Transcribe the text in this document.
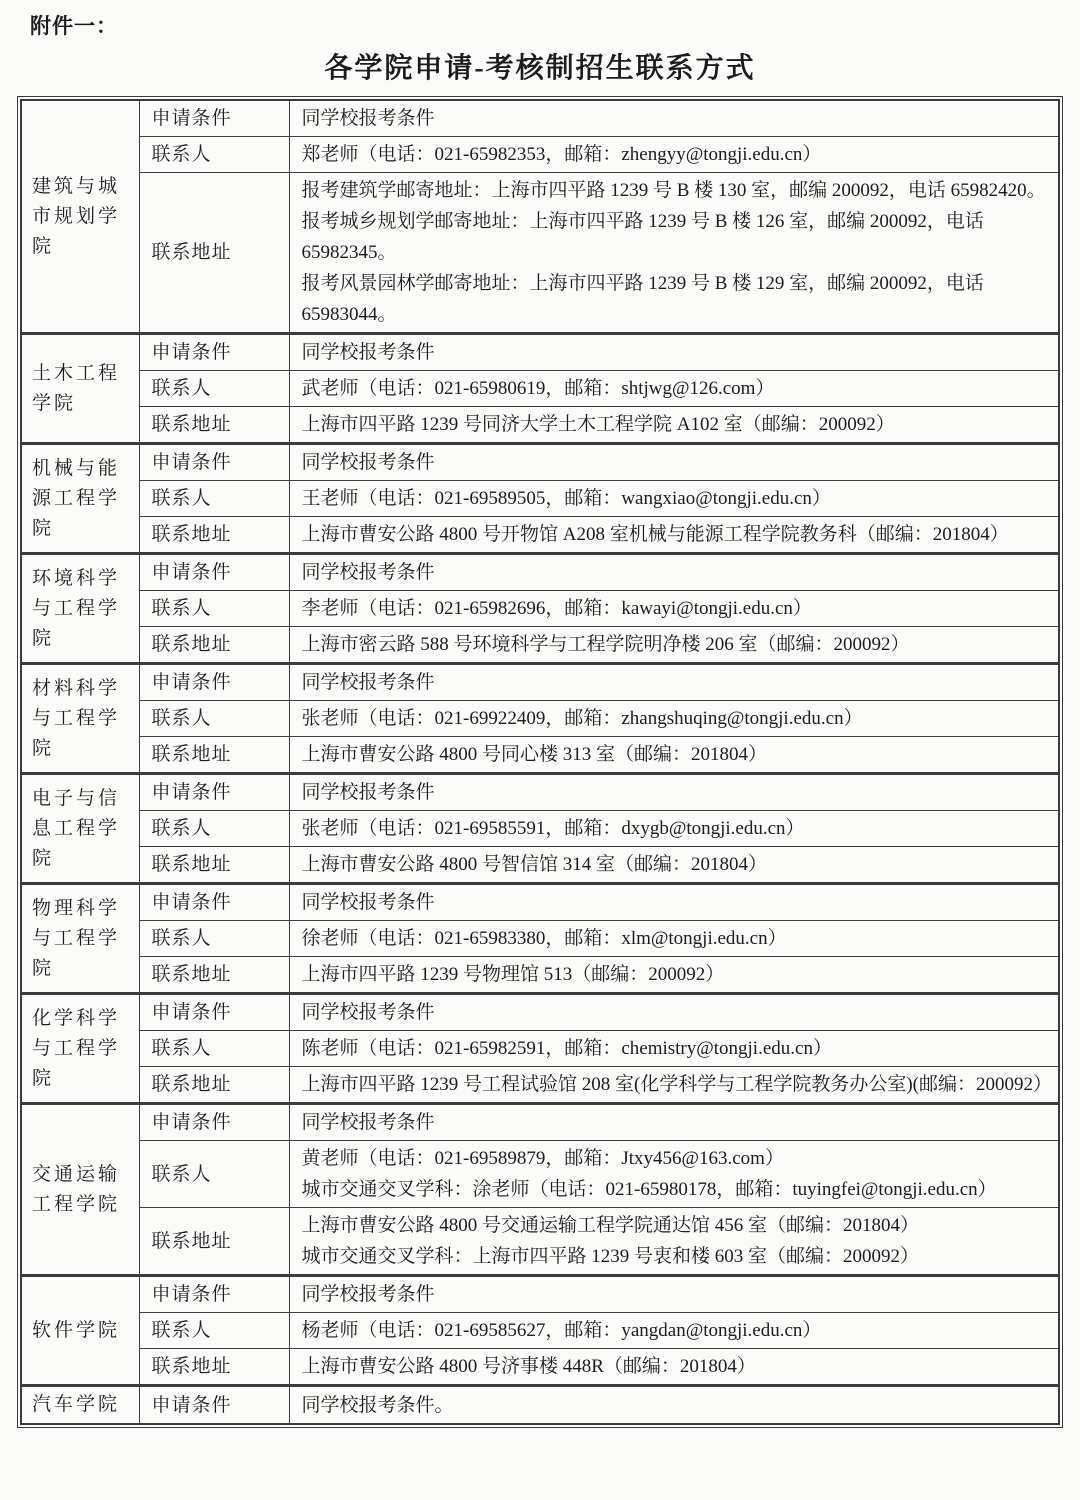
附件一：
各学院申请-考核制招生联系方式
建筑与城市规划学院	申请条件	同学校报考条件

	联系人	郑老师（电话：021-65982353，邮箱：zhengyy@tongji.edu.cn）

	联系地址	报考建筑学邮寄地址：上海市四平路 1239 号 B 楼 130 室，邮编 200092，电话 65982420。
报考城乡规划学邮寄地址：上海市四平路 1239 号 B 楼 126 室，邮编 200092，电话 65982345。
报考风景园林学邮寄地址：上海市四平路 1239 号 B 楼 129 室，邮编 200092，电话 65983044。

土木工程学院	申请条件	同学校报考条件

	联系人	武老师（电话：021-65980619，邮箱：shtjwg@126.com）

	联系地址	上海市四平路 1239 号同济大学土木工程学院 A102 室（邮编：200092）

机械与能源工程学院	申请条件	同学校报考条件

	联系人	王老师（电话：021-69589505，邮箱：wangxiao@tongji.edu.cn）

	联系地址	上海市曹安公路 4800 号开物馆 A208 室机械与能源工程学院教务科（邮编：201804）

环境科学与工程学院	申请条件	同学校报考条件

	联系人	李老师（电话：021-65982696，邮箱：kawayi@tongji.edu.cn）

	联系地址	上海市密云路 588 号环境科学与工程学院明净楼 206 室（邮编：200092）

材料科学与工程学院	申请条件	同学校报考条件

	联系人	张老师（电话：021-69922409，邮箱：zhangshuqing@tongji.edu.cn）

	联系地址	上海市曹安公路 4800 号同心楼 313 室（邮编：201804）

电子与信息工程学院	申请条件	同学校报考条件

	联系人	张老师（电话：021-69585591，邮箱：dxygb@tongji.edu.cn）

	联系地址	上海市曹安公路 4800 号智信馆 314 室（邮编：201804）

物理科学与工程学院	申请条件	同学校报考条件

	联系人	徐老师（电话：021-65983380，邮箱：xlm@tongji.edu.cn）

	联系地址	上海市四平路 1239 号物理馆 513（邮编：200092）

化学科学与工程学院	申请条件	同学校报考条件

	联系人	陈老师（电话：021-65982591，邮箱：chemistry@tongji.edu.cn）

	联系地址	上海市四平路 1239 号工程试验馆 208 室(化学科学与工程学院教务办公室)(邮编：200092）

交通运输工程学院	申请条件	同学校报考条件

	联系人	黄老师（电话：021-69589879，邮箱：Jtxy456@163.com）
城市交通交叉学科：涂老师（电话：021-65980178，邮箱：tuyingfei@tongji.edu.cn）

	联系地址	上海市曹安公路 4800 号交通运输工程学院通达馆 456 室（邮编：201804）
城市交通交叉学科：上海市四平路 1239 号衷和楼 603 室（邮编：200092）

软件学院	申请条件	同学校报考条件

	联系人	杨老师（电话：021-69585627，邮箱：yangdan@tongji.edu.cn）

	联系地址	上海市曹安公路 4800 号济事楼 448R（邮编：201804）

汽车学院	申请条件	同学校报考条件。
